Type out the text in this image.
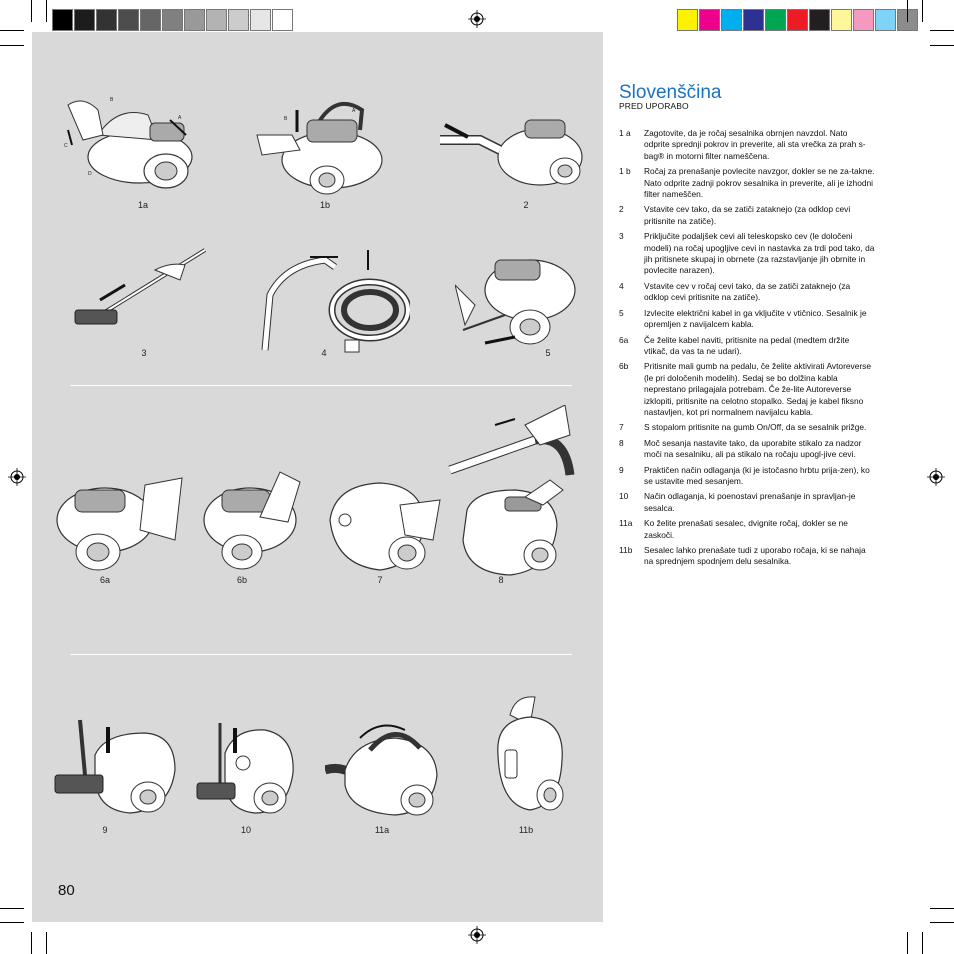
B
A
C
D
1a
B
A
1b	2
3	4	5
6a	6b	7	8
9	10	11a	11b
80
Slovenščina
PRED UPORABO
1 a	Zagotovite, da je ročaj sesalnika obrnjen navzdol. Nato odprite sprednji pokrov in preverite, ali sta vrečka za prah s-bag® in motorni filter nameščena.
1 b	Ročaj za prenašanje povlecite navzgor, dokler se ne za-takne. Nato odprite zadnji pokrov sesalnika in preverite, ali je izhodni filter nameščen.
2	Vstavite cev tako, da se zatiči zataknejo (za odklop cevi pritisnite na zatiče).
3	Priključite podaljšek cevi ali teleskopsko cev (le določeni modeli) na ročaj upogljive cevi in nastavka za trdi pod tako, da jih pritisnete skupaj in obrnete (za razstavljanje jih obrnite in povlecite narazen).
4	Vstavite cev v ročaj cevi tako, da se zatiči zataknejo (za odklop cevi pritisnite na zatiče).
5	Izvlecite električni kabel in ga vključite v vtičnico. Sesalnik je opremljen z navijalcem kabla.
6a	Če želite kabel naviti, pritisnite na pedal (medtem držite vtikač, da vas ta ne udari).
6b	Pritisnite mali gumb na pedalu, če želite aktivirati Avtoreverse (le pri določenih modelih). Sedaj se bo dolžina kabla neprestano prilagajala potrebam. Če že-lite Autoreverse izklopiti, pritisnite na celotno stopalko. Sedaj je kabel fiksno nastavljen, kot pri normalnem navijalcu kabla.
7	S stopalom pritisnite na gumb On/Off, da se sesalnik prižge.
8	Moč sesanja nastavite tako, da uporabite stikalo za nadzor moči na sesalniku, ali pa stikalo na ročaju upogl-jive cevi.
9	Praktičen način odlaganja (ki je istočasno hrbtu prija-zen), ko se ustavite med sesanjem.
10	Način odlaganja, ki poenostavi prenašanje in spravljan-je sesalca.
11a	Ko želite prenašati sesalec, dvignite ročaj, dokler se ne zaskoči.
11b	Sesalec lahko prenašate tudi z uporabo ročaja, ki se nahaja na sprednjem spodnjem delu sesalnika.
